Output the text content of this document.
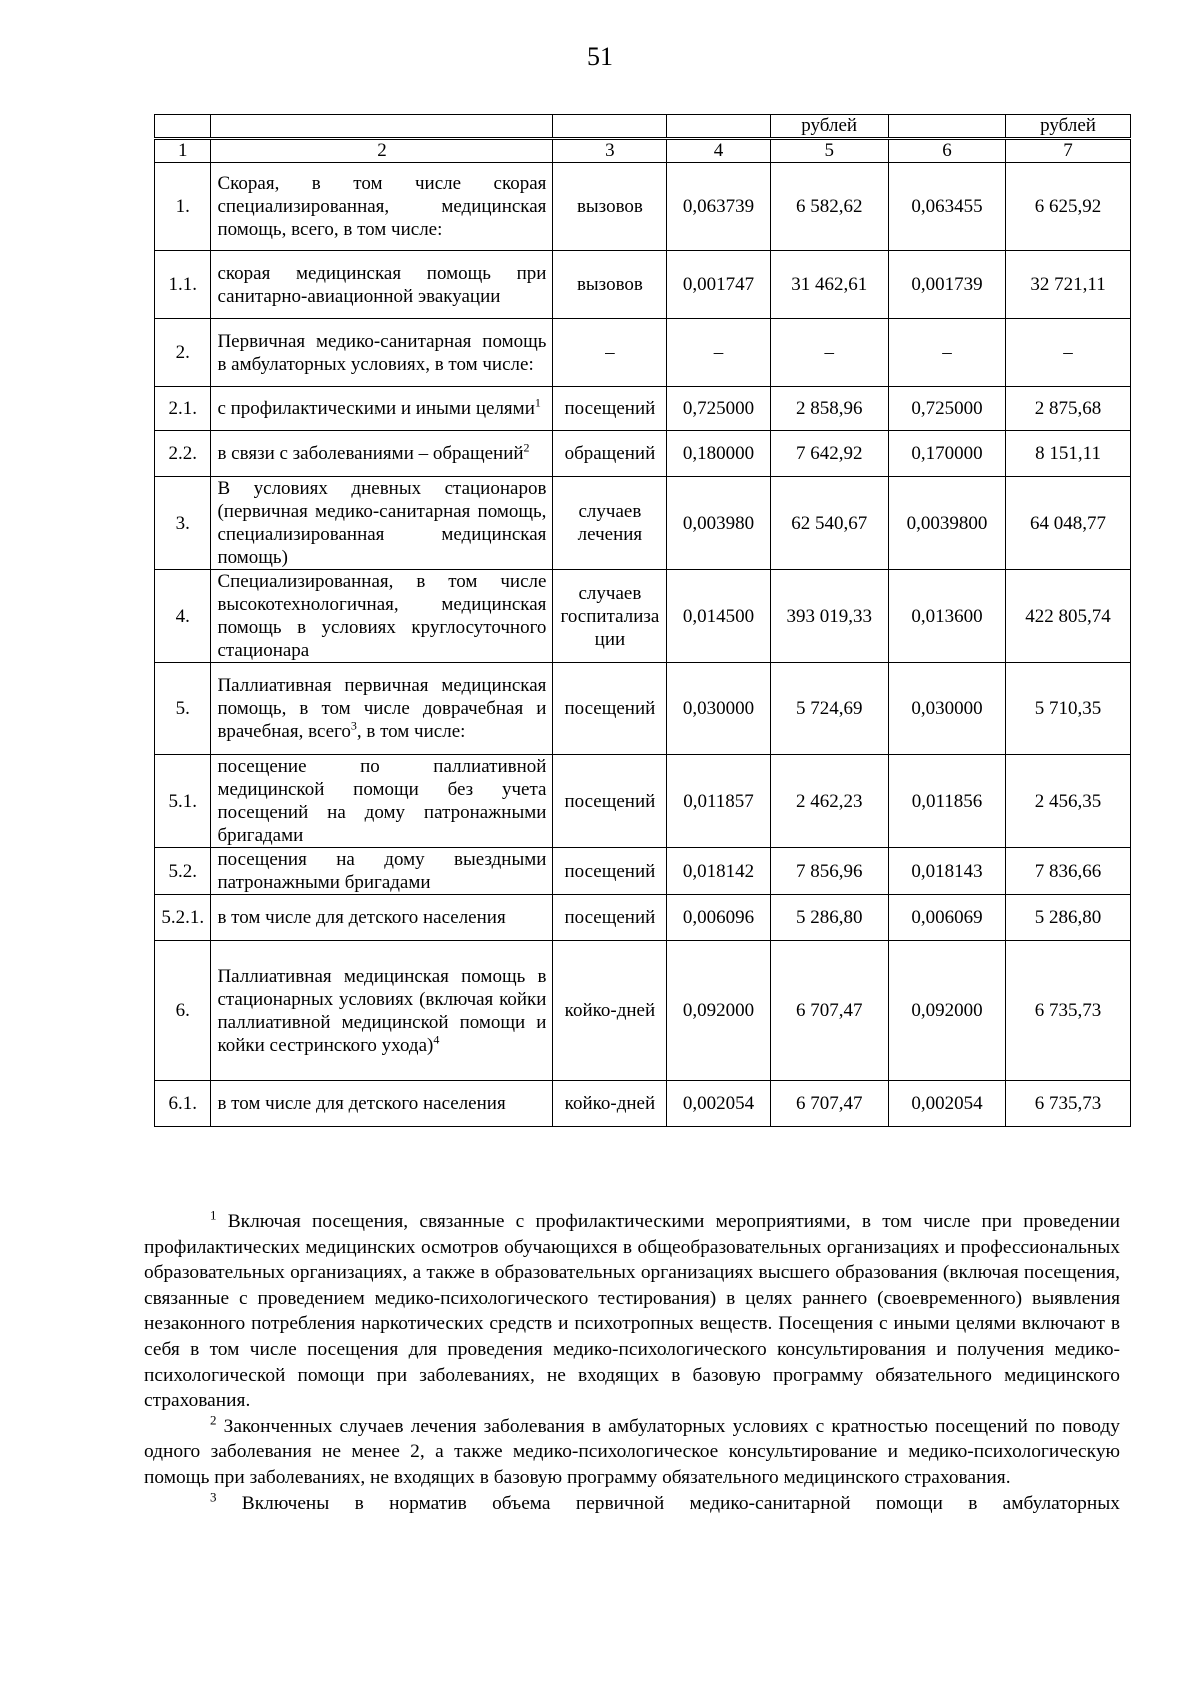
51
				рублей		рублей
1	2	3	4	5	6	7
1.	Скорая, в том числе скорая специализированная, медицинская помощь, всего, в том числе:	вызовов	0,063739	6 582,62	0,063455	6 625,92
1.1.	скорая медицинская помощь при санитарно-авиационной эвакуации	вызовов	0,001747	31 462,61	0,001739	32 721,11
2.	Первичная медико-санитарная помощь в амбулаторных условиях, в том числе:	–	–	–	–	–
2.1.	с профилактическими и иными целями$^1$	посещений	0,725000	2 858,96	0,725000	2 875,68
2.2.	в связи с заболеваниями – обращений$^2$	обращений	0,180000	7 642,92	0,170000	8 151,11
3.	В условиях дневных стационаров (первичная медико-санитарная помощь, специализированная медицинская помощь)	случаев лечения	0,003980	62 540,67	0,0039800	64 048,77
4.	Специализированная, в том числе высокотехнологичная, медицинская помощь в условиях круглосуточного стационара	случаев госпитализа ции	0,014500	393 019,33	0,013600	422 805,74
5.	Паллиативная первичная медицинская помощь, в том числе доврачебная и врачебная, всего$^3$, в том числе:	посещений	0,030000	5 724,69	0,030000	5 710,35
5.1.	посещение по паллиативной медицинской помощи без учета посещений на дому патронажными бригадами	посещений	0,011857	2 462,23	0,011856	2 456,35
5.2.	посещения на дому выездными патронажными бригадами	посещений	0,018142	7 856,96	0,018143	7 836,66
5.2.1.	в том числе для детского населения	посещений	0,006096	5 286,80	0,006069	5 286,80
6.	Паллиативная медицинская помощь в стационарных условиях (включая койки паллиативной медицинской помощи и койки сестринского ухода)$^4$	койко-дней	0,092000	6 707,47	0,092000	6 735,73
6.1.	в том числе для детского населения	койко-дней	0,002054	6 707,47	0,002054	6 735,73

$^1$ Включая посещения, связанные с профилактическими мероприятиями, в том числе при проведении профилактических медицинских осмотров обучающихся в общеобразовательных организациях и профессиональных образовательных организациях, а также в образовательных организациях высшего образования (включая посещения, связанные с проведением медико-психологического тестирования) в целях раннего (своевременного) выявления незаконного потребления наркотических средств и психотропных веществ. Посещения с иными целями включают в себя в том числе посещения для проведения медико-психологического консультирования и получения медико-психологической помощи при заболеваниях, не входящих в базовую программу обязательного медицинского страхования.

$^2$ Законченных случаев лечения заболевания в амбулаторных условиях с кратностью посещений по поводу одного заболевания не менее 2, а также медико-психологическое консультирование и медико-психологическую помощь при заболеваниях, не входящих в базовую программу обязательного медицинского страхования.

$^3$ Включены в норматив объема первичной медико-санитарной помощи в амбулаторных
